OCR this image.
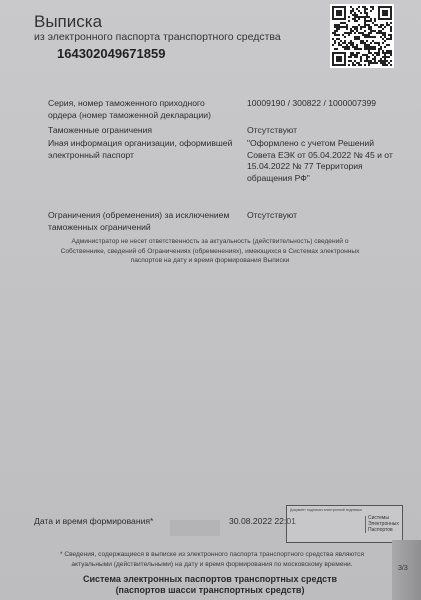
Выписка
из электронного паспорта транспортного средства
164302049671859
Серия, номер таможенного приходного ордера (номер таможенной декларации)
10009190 / 300822 / 1000007399
Таможенные ограничения	Отсутствуют
Иная информация организации, оформившей электронный паспорт
"Оформлено с учетом Решений Совета ЕЭК от 05.04.2022 № 45 и от 15.04.2022 № 77 Территория обращения РФ"
Ограничения (обременения) за исключением таможенных ограничений
Отсутствуют
Администратор не несет ответственность за актуальность (действительность) сведений о Собственнике, сведений об Ограничениях (обременениях), имеющихся в Системах электронных паспортов на дату и время формирования Выписки
Дата и время формирования*	30.08.2022 22:01
Документ подписан электронной подписью
Системы Электронных Паспортов
* Сведения, содержащиеся в выписке из электронного паспорта транспортного средства являются актуальными (действительными) на дату и время формирования по московскому времени.
3/3
Система электронных паспортов транспортных средств
(паспортов шасси транспортных средств)
